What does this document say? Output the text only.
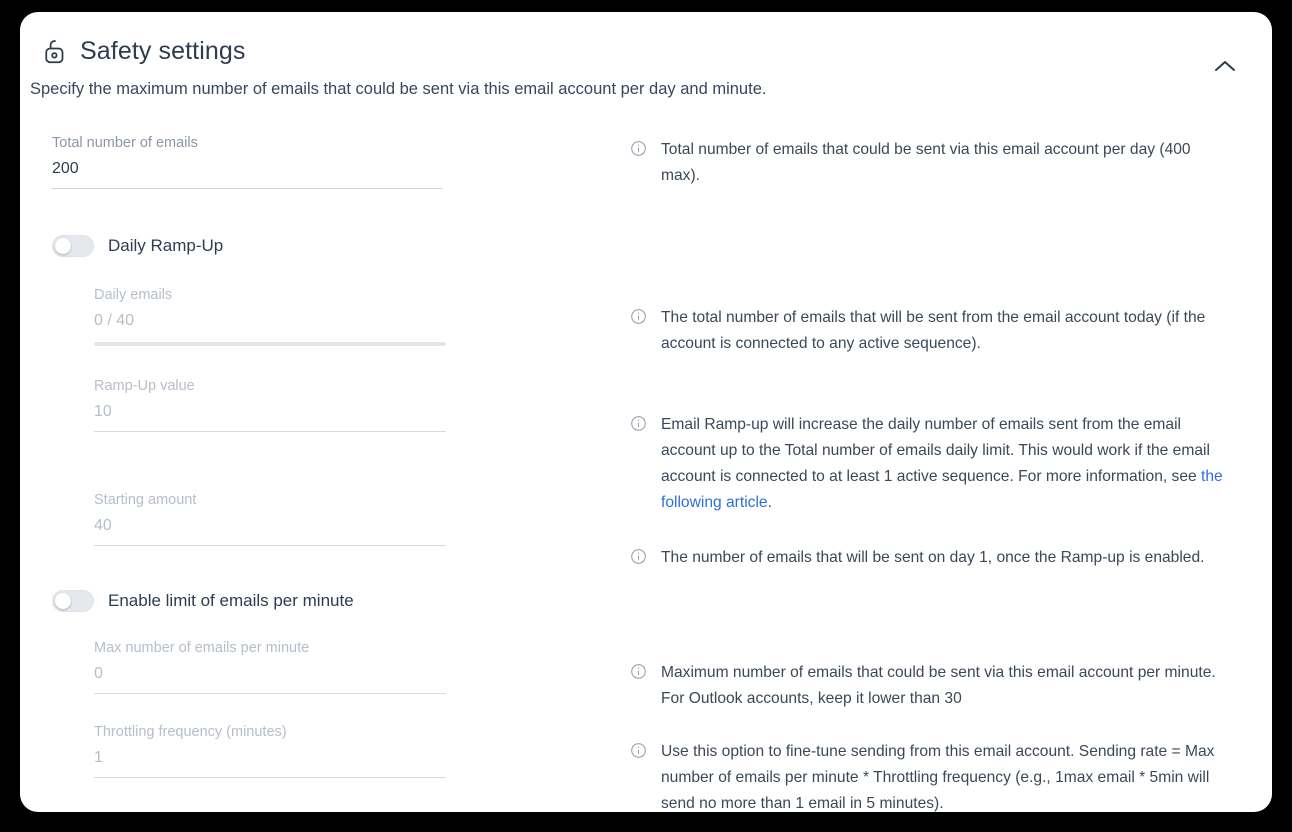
Safety settings
Specify the maximum number of emails that could be sent via this email account per day and minute.
Total number of emails
200
Daily Ramp-Up
Daily emails
0 / 40
Ramp-Up value
10
Starting amount
40
Enable limit of emails per minute
Max number of emails per minute
0
Throttling frequency (minutes)
1
Total number of emails that could be sent via this email account per day (400 max).
The total number of emails that will be sent from the email account today (if the account is connected to any active sequence).
Email Ramp-up will increase the daily number of emails sent from the email account up to the Total number of emails daily limit. This would work if the email account is connected to at least 1 active sequence. For more information, see the following article.
The number of emails that will be sent on day 1, once the Ramp-up is enabled.
Maximum number of emails that could be sent via this email account per minute. For Outlook accounts, keep it lower than 30
Use this option to fine-tune sending from this email account. Sending rate = Max number of emails per minute * Throttling frequency (e.g., 1max email * 5min will send no more than 1 email in 5 minutes).
